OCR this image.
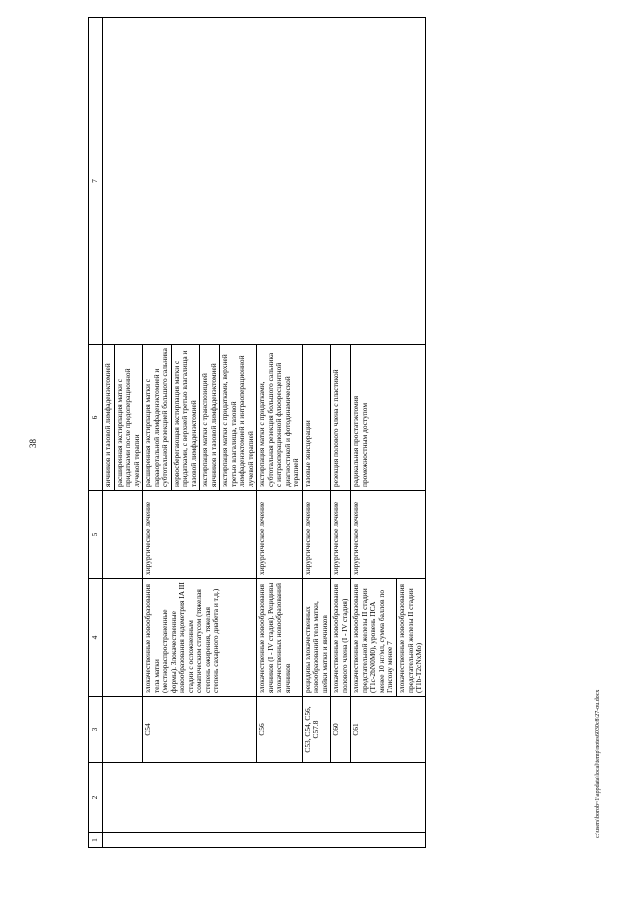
38
c:\users\borob~1\appdata\local\temp\notes6030c8\27-ou.docx
1	2	3	4	5	6	7
					яичников и тазовой лимфаденэктомией	
					расширенная экстирпация матки с придатками после предоперационной лучевой терапии	
		C54	злокачественные новообразования тела матки (местнораспространенные формы). Злокачественные новообразования эндометрия IA III стадии с осложненным соматическим статусом (тяжелая степень ожирения, тяжелая степень сахарного диабета и т.д.)	хирургическое лечение	расширенная экстирпация матки с парааортальной лимфаденэктомией и субтотальной резекцией большого сальника	
					нервосберегающая экстирпация матки с придатками, с верхней третью влагалища и тазовой лимфаденэктомией	
					экстирпация матки с транспозицией яичников и тазовой лимфаденэктомией	
					экстирпация матки с придатками, верхней третью влагалища, тазовой лимфаденэктомией и интраоперационной лучевой терапией	
		C56	злокачественные новообразования яичников (I - IV стадия). Рецидивы злокачественных новообразований яичников	хирургическое лечение	экстирпация матки с придатками, субтотальная резекция большого сальника с интраоперационной флюоресцентной диагностикой и фотодинамической терапией	
		C53, C54, C56, C57.8	рецидивы злокачественных новообразований тела матки, шейки матки и яичников	хирургическое лечение	тазовые эвисцерации	
		C60	злокачественные новообразования полового члена (I - IV стадия)	хирургическое лечение	резекция полового члена с пластикой	
		C61	злокачественные новообразования предстательной железы II стадии (T1c-2bN0M0), уровень ПСА менее 10 нг/мл, сумма баллов по Глисону менее 7	хирургическое лечение	радикальная простатэктомия промежностным доступом	
			злокачественные новообразования предстательной железы II стадии (T1b-T2cNxMo)			
